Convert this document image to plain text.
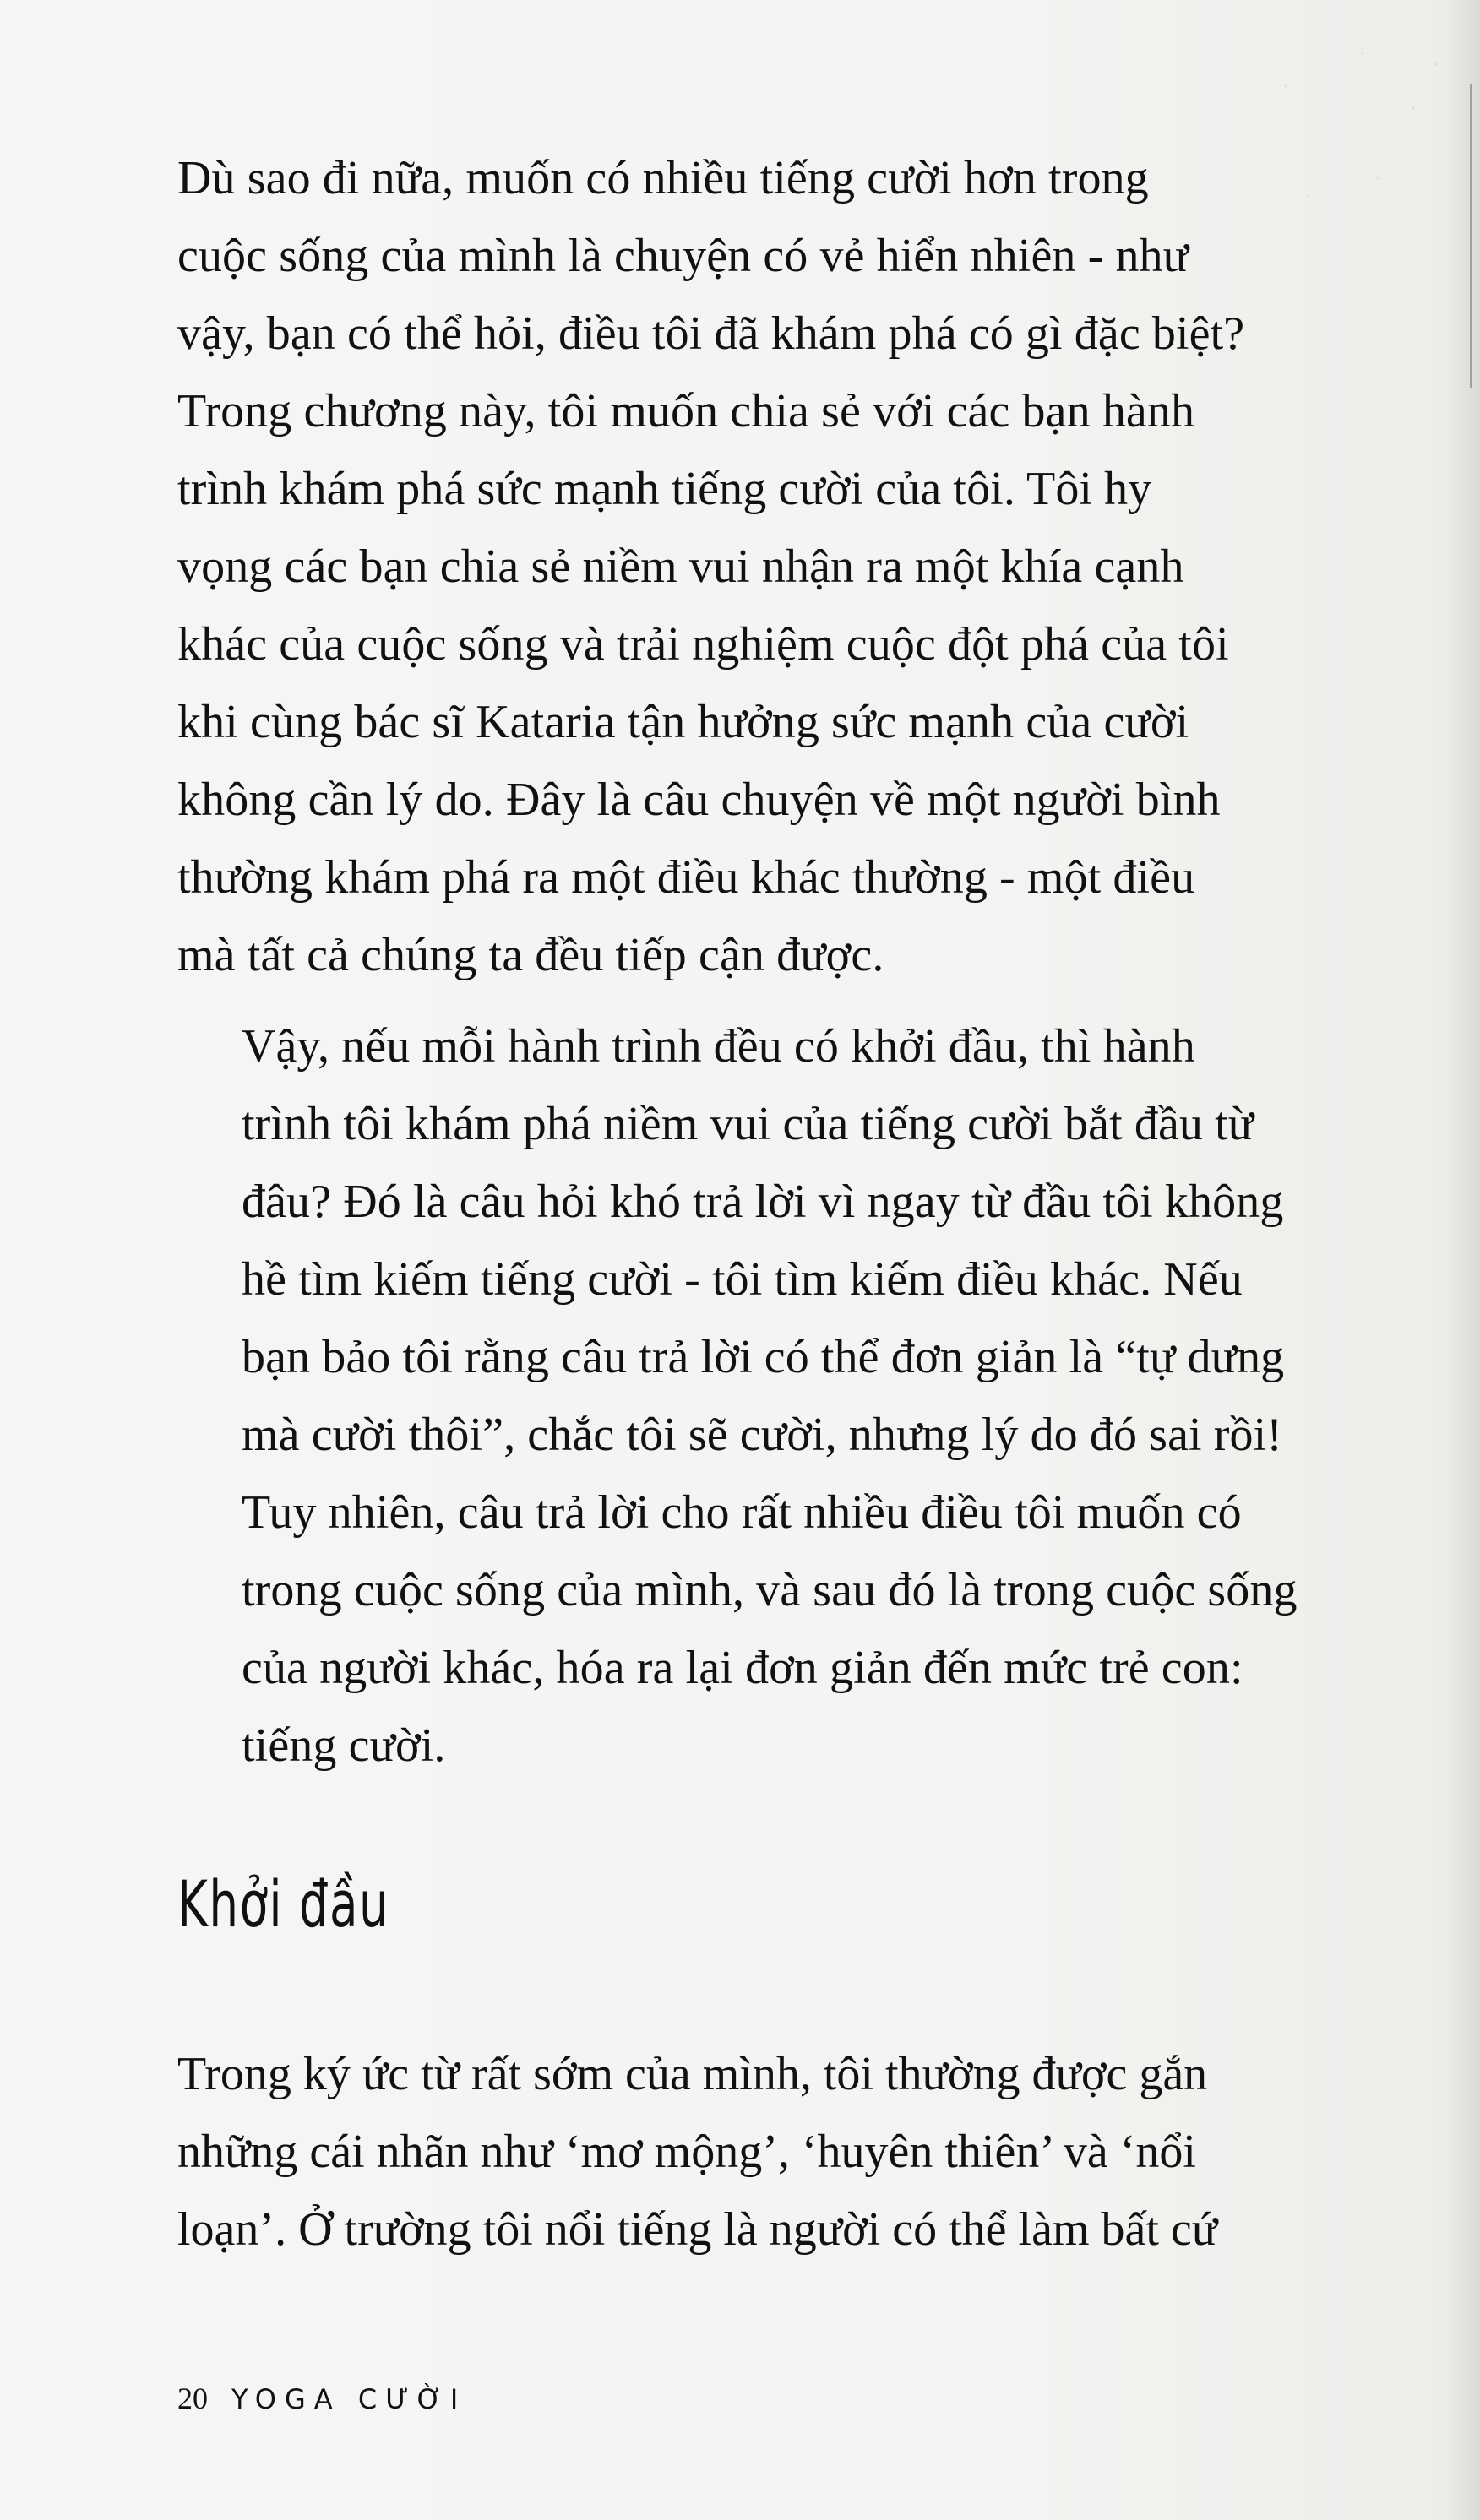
Dù sao đi nữa, muốn có nhiều tiếng cười hơn trong
cuộc sống của mình là chuyện có vẻ hiển nhiên - như
vậy, bạn có thể hỏi, điều tôi đã khám phá có gì đặc biệt?
Trong chương này, tôi muốn chia sẻ với các bạn hành
trình khám phá sức mạnh tiếng cười của tôi. Tôi hy
vọng các bạn chia sẻ niềm vui nhận ra một khía cạnh
khác của cuộc sống và trải nghiệm cuộc đột phá của tôi
khi cùng bác sĩ Kataria tận hưởng sức mạnh của cười
không cần lý do. Đây là câu chuyện về một người bình
thường khám phá ra một điều khác thường - một điều
mà tất cả chúng ta đều tiếp cận được.

Vậy, nếu mỗi hành trình đều có khởi đầu, thì hành
trình tôi khám phá niềm vui của tiếng cười bắt đầu từ
đâu? Đó là câu hỏi khó trả lời vì ngay từ đầu tôi không
hề tìm kiếm tiếng cười - tôi tìm kiếm điều khác. Nếu
bạn bảo tôi rằng câu trả lời có thể đơn giản là “tự dưng
mà cười thôi”, chắc tôi sẽ cười, nhưng lý do đó sai rồi!
Tuy nhiên, câu trả lời cho rất nhiều điều tôi muốn có
trong cuộc sống của mình, và sau đó là trong cuộc sống
của người khác, hóa ra lại đơn giản đến mức trẻ con:
tiếng cười.

Khởi đầu

Trong ký ức từ rất sớm của mình, tôi thường được gắn
những cái nhãn như ‘mơ mộng’, ‘huyên thiên’ và ‘nổi
loạn’. Ở trường tôi nổi tiếng là người có thể làm bất cứ

20 YOGA CƯỜI
